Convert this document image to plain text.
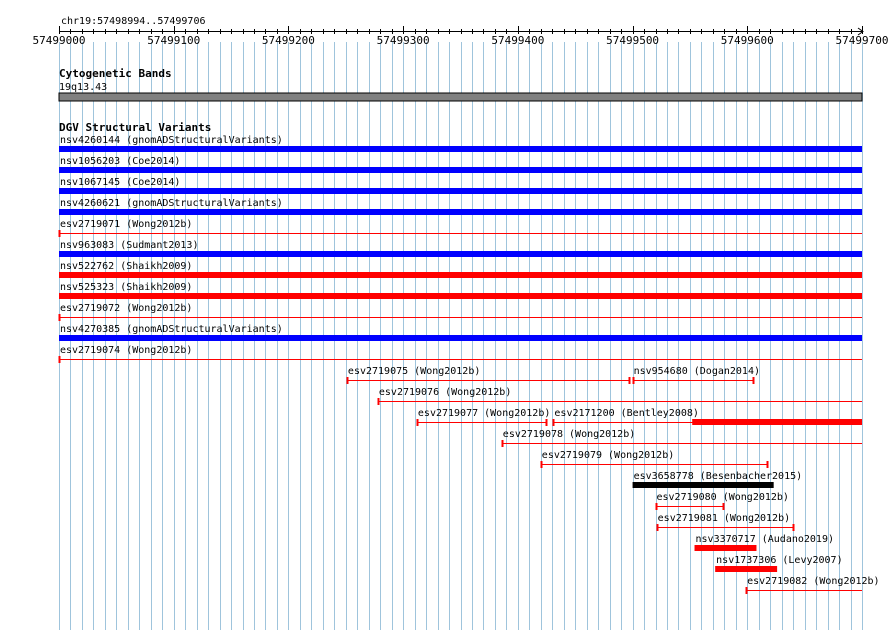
chr19:57498994..57499706
57499000	57499100	57499200	57499300	57499400	57499500	57499600	57499700
Cytogenetic Bands
19q13.43
DGV Structural Variants
nsv4260144 (gnomADStructuralVariants)
nsv1056203 (Coe2014)
nsv1067145 (Coe2014)
nsv4260621 (gnomADStructuralVariants)
esv2719071 (Wong2012b)
nsv963083 (Sudmant2013)
nsv522762 (Shaikh2009)
nsv525323 (Shaikh2009)
esv2719072 (Wong2012b)
nsv4270385 (gnomADStructuralVariants)
esv2719074 (Wong2012b)
esv2719075 (Wong2012b)	nsv954680 (Dogan2014)
esv2719076 (Wong2012b)
esv2719077 (Wong2012b) esv2171200 (Bentley2008)
esv2719078 (Wong2012b)
esv2719079 (Wong2012b)
esv3658778 (Besenbacher2015)
esv2719080 (Wong2012b)
esv2719081 (Wong2012b)
nsv3370717 (Audano2019)
nsv1737306 (Levy2007)
esv2719082 (Wong2012b)
